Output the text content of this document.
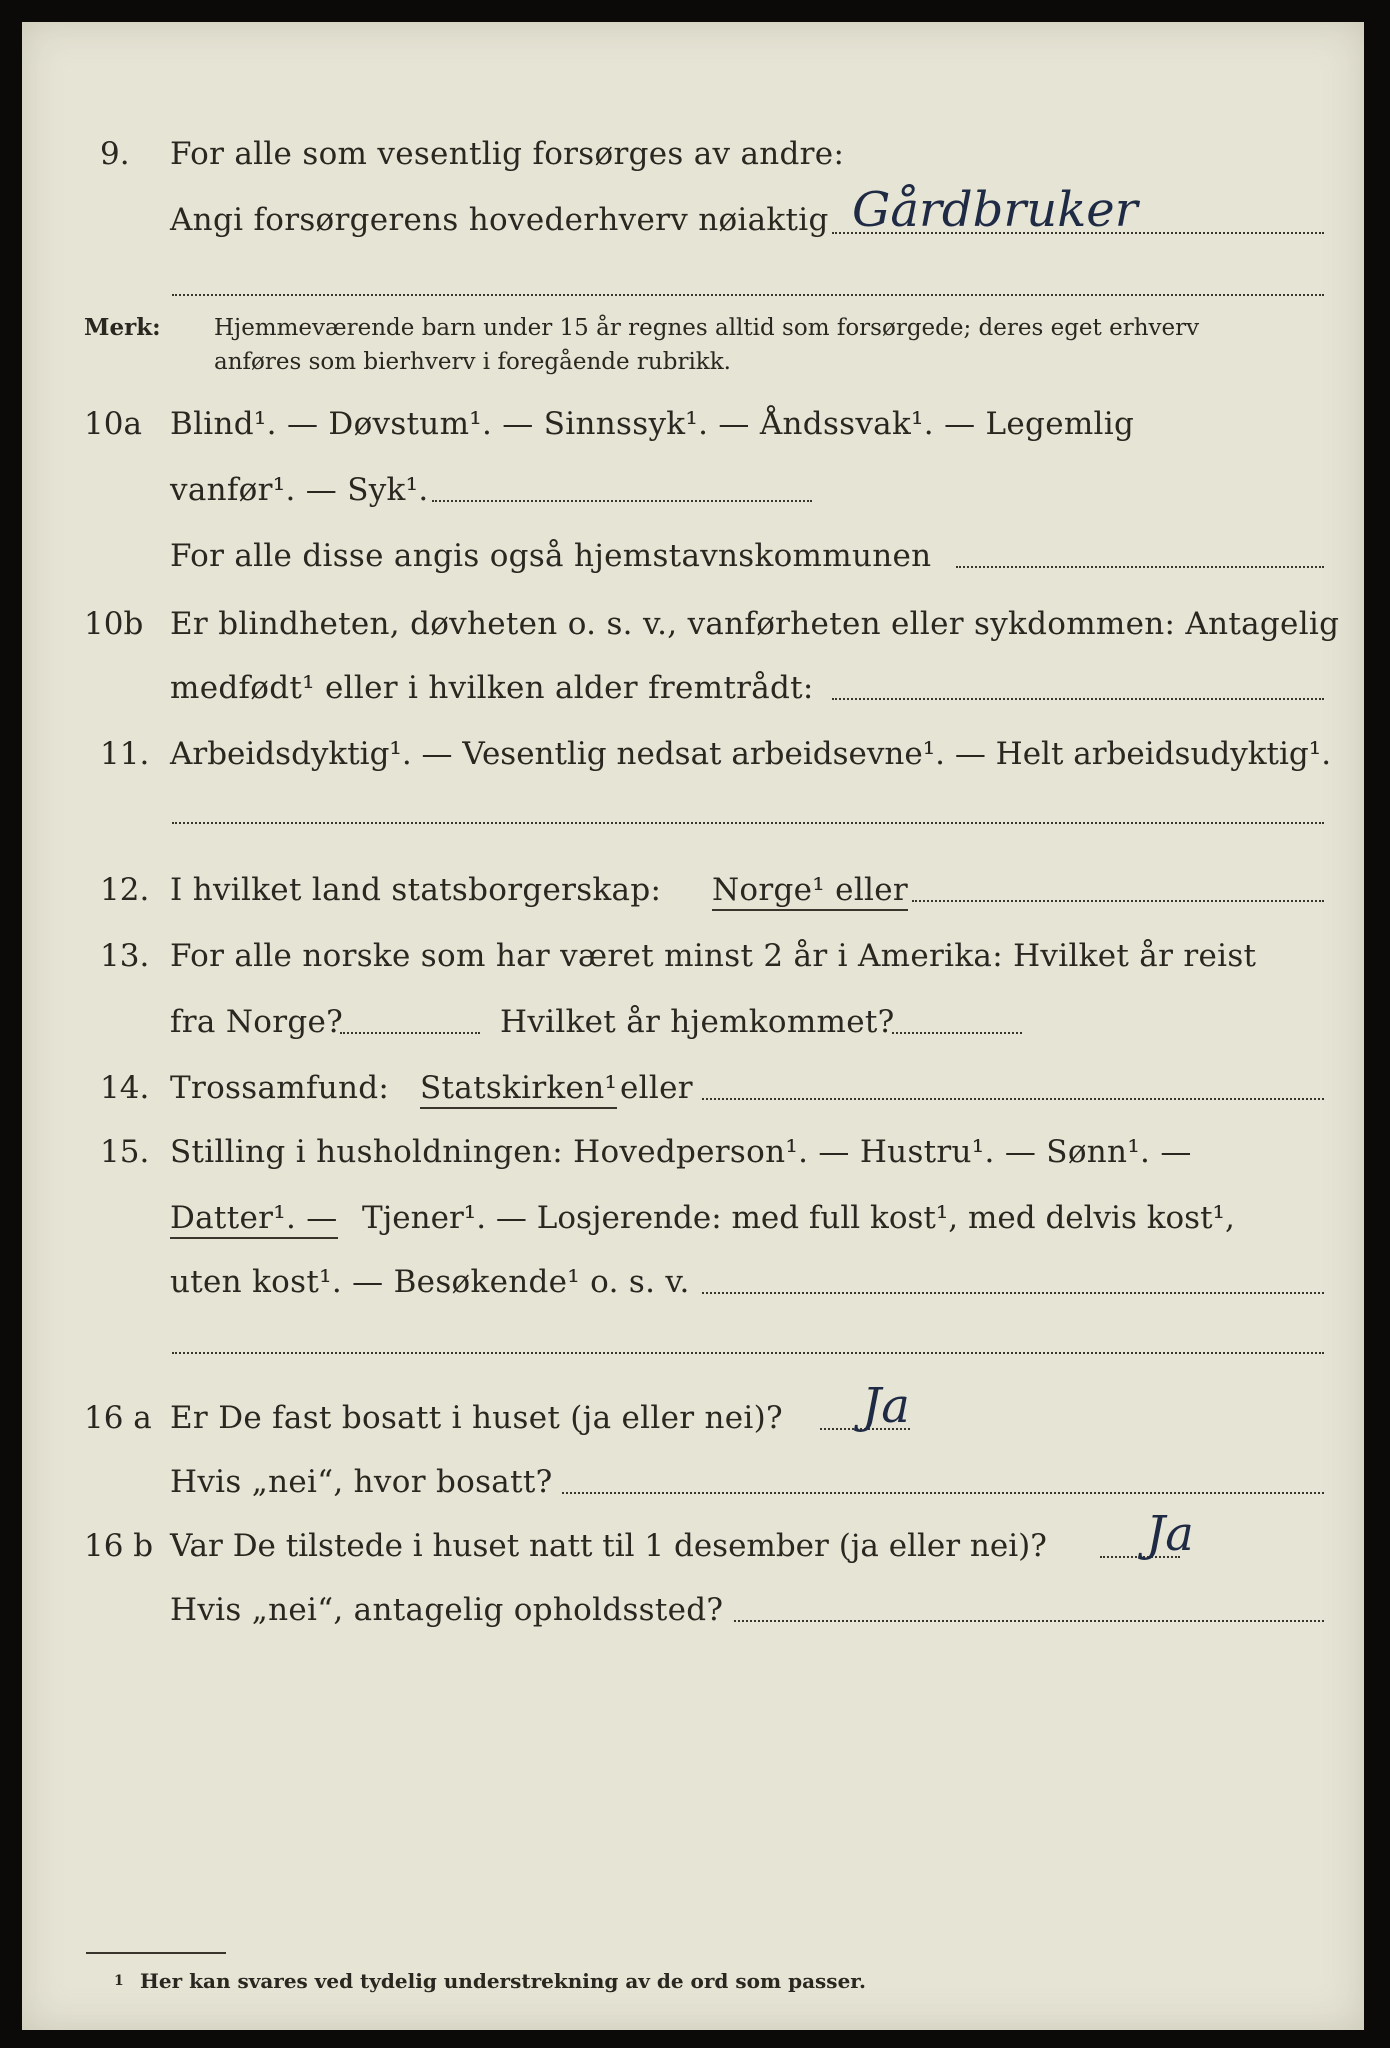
9. For alle som vesentlig forsørges av andre:
Angi forsørgerens hovederhverv nøiaktig Gårdbruker
Merk: Hjemmeværende barn under 15 år regnes alltid som forsørgede; deres eget erhverv
anføres som bierhverv i foregående rubrikk.
10a Blind¹. — Døvstum¹. — Sinnssyk¹. — Åndssvak¹. — Legemlig
vanfør¹. — Syk¹.
For alle disse angis også hjemstavnskommunen
10b Er blindheten, døvheten o. s. v., vanførheten eller sykdommen: Antagelig
medfødt¹ eller i hvilken alder fremtrådt:
11. Arbeidsdyktig¹. — Vesentlig nedsat arbeidsevne¹. — Helt arbeidsudyktig¹.
12. I hvilket land statsborgerskap: Norge¹ eller
13. For alle norske som har været minst 2 år i Amerika: Hvilket år reist
fra Norge?	Hvilket år hjemkommet?
14. Trossamfund: Statskirken¹ eller
15. Stilling i husholdningen: Hovedperson¹. — Hustru¹. — Sønn¹. —
Datter¹. — Tjener¹. — Losjerende: med full kost¹, med delvis kost¹,
uten kost¹. — Besøkende¹ o. s. v.
16 a Er De fast bosatt i huset (ja eller nei)? Ja
Hvis „nei“, hvor bosatt?
16 b Var De tilstede i huset natt til 1 desember (ja eller nei)? Ja
Hvis „nei“, antagelig opholdssted?
1 Her kan svares ved tydelig understrekning av de ord som passer.
